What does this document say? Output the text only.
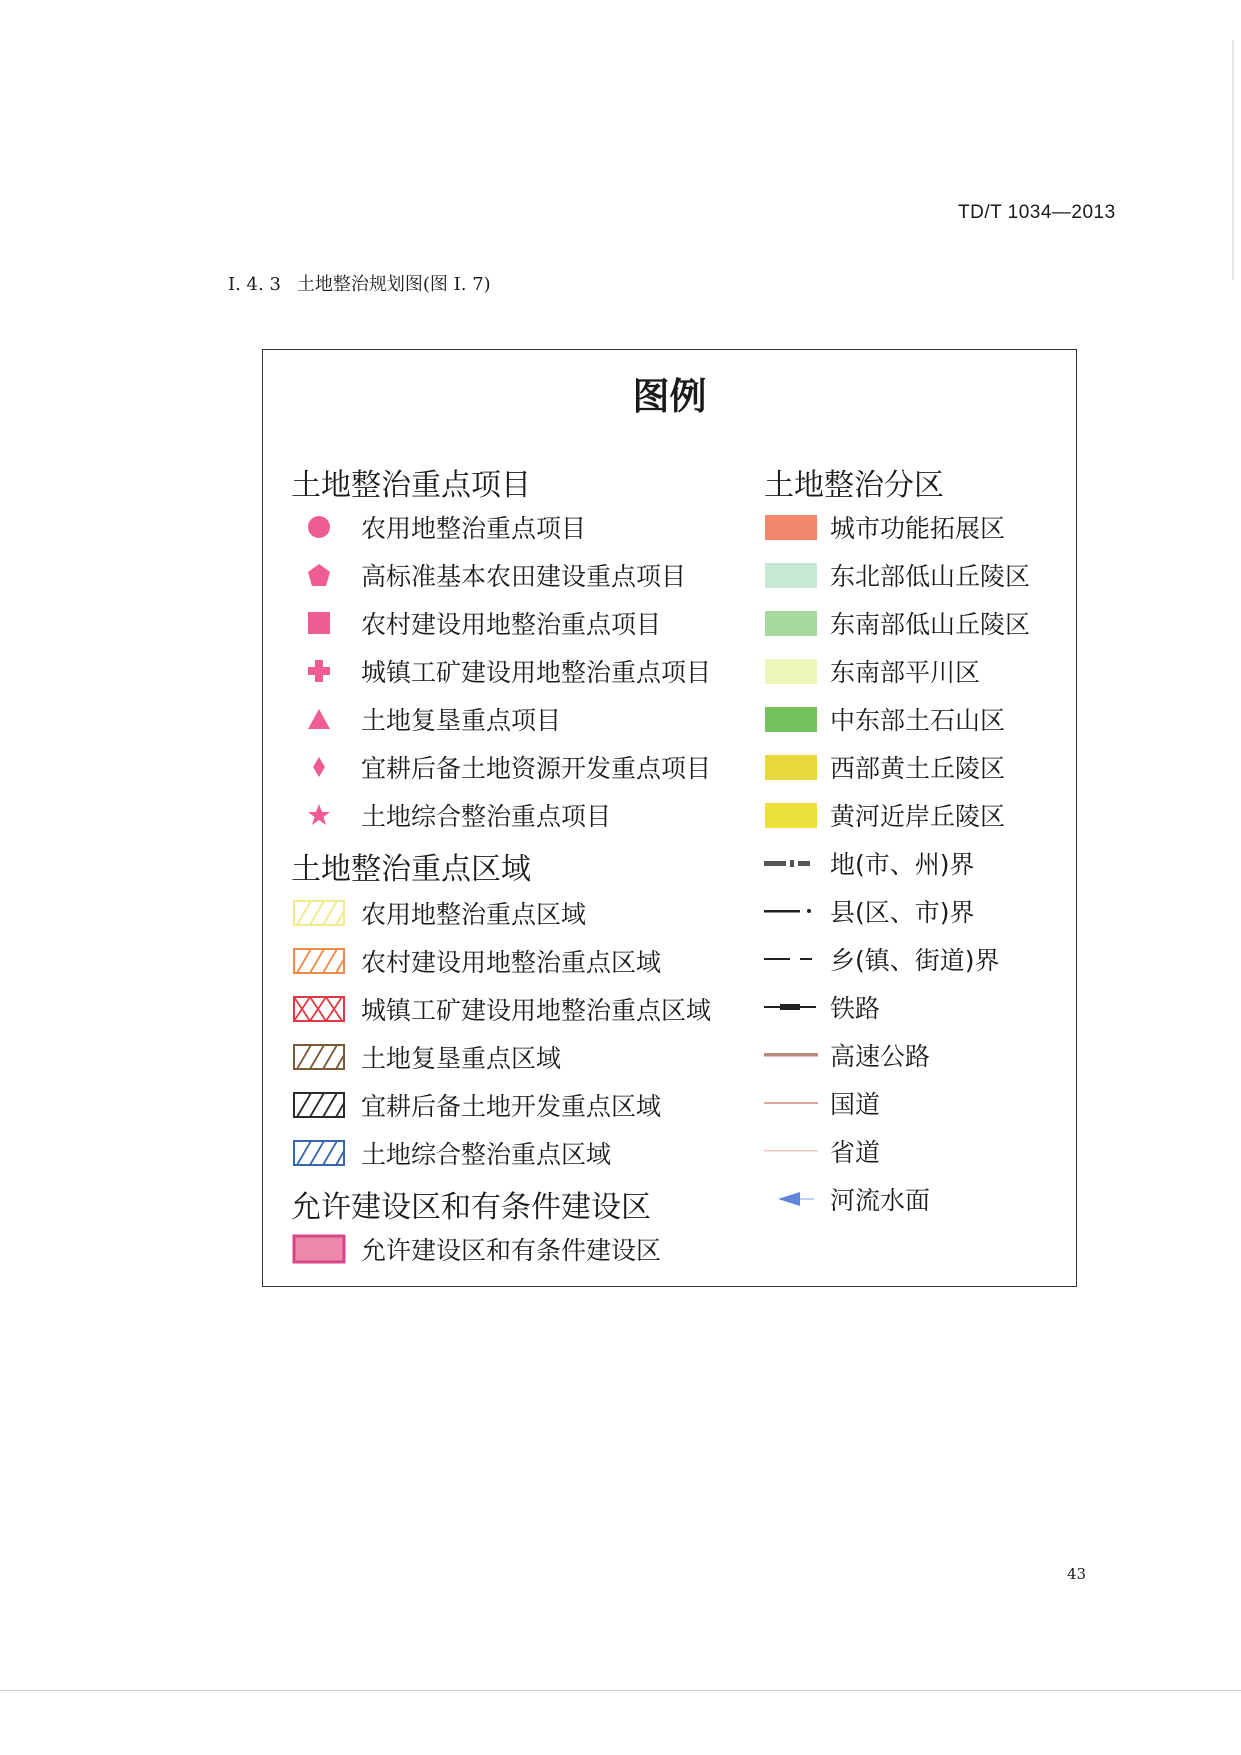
TD/T 1034—2013
I. 4. 3 土地整治规划图(图 I. 7)
图例
土地整治重点项目
农用地整治重点项目
高标准基本农田建设重点项目
农村建设用地整治重点项目
城镇工矿建设用地整治重点项目
土地复垦重点项目
宜耕后备土地资源开发重点项目
土地综合整治重点项目
土地整治重点区域
农用地整治重点区域
农村建设用地整治重点区域
城镇工矿建设用地整治重点区域
土地复垦重点区域
宜耕后备土地开发重点区域
土地综合整治重点区域
允许建设区和有条件建设区
允许建设区和有条件建设区
土地整治分区
城市功能拓展区
东北部低山丘陵区
东南部低山丘陵区
东南部平川区
中东部土石山区
西部黄土丘陵区
黄河近岸丘陵区
地(市、州)界
县(区、市)界
乡(镇、街道)界
铁路
高速公路
国道
省道
河流水面
43
